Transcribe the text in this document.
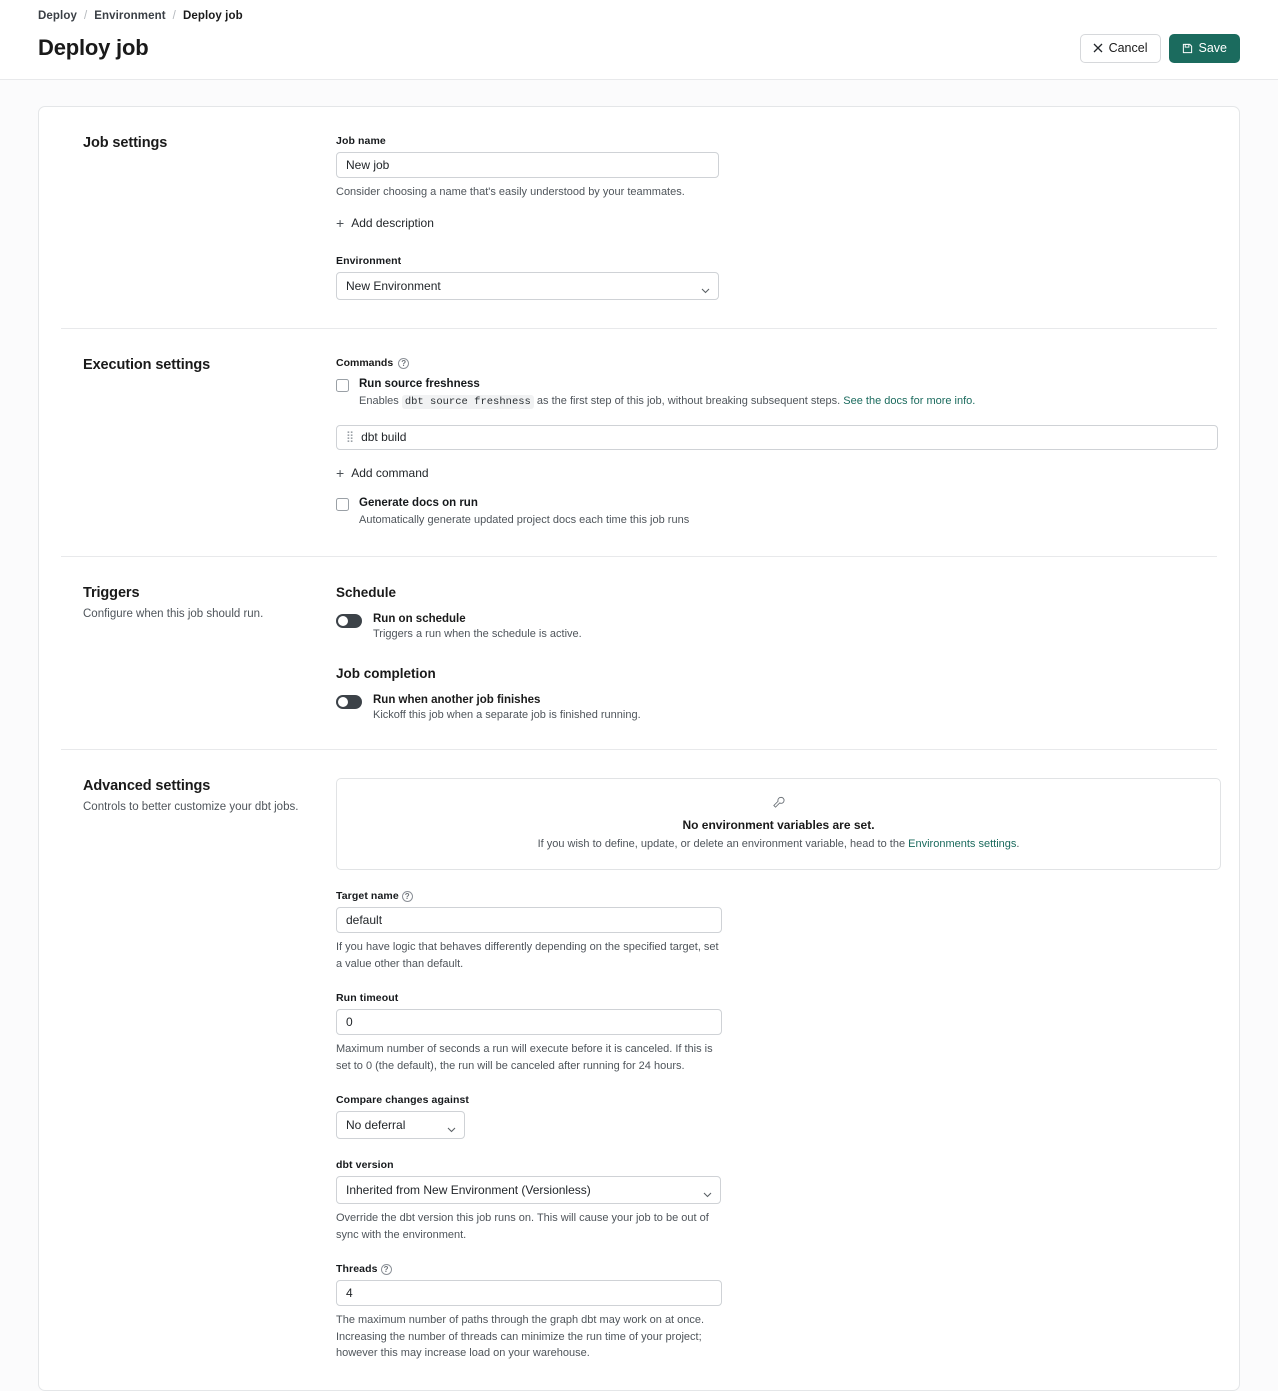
Deploy / Environment / Deploy job
Deploy job	Cancel	Save
Job settings	Job name
New job
Consider choosing a name that's easily understood by your teammates.
+ Add description
Environment
New Environment
Execution settings	Commands	?
Run source freshness
Enables dbt source freshness as the first step of this job, without breaking subsequent steps. See the docs for more info.
⣿ dbt build
+ Add command
Generate docs on run
Automatically generate updated project docs each time this job runs
Triggers

Configure when this job should run.

Schedule
Run on schedule
Triggers a run when the schedule is active.
Job completion
Run when another job finishes
Kickoff this job when a separate job is finished running.
Advanced settings

Controls to better customize your dbt jobs.

No environment variables are set.
If you wish to define, update, or delete an environment variable, head to the Environments settings.
Target name ?
default
If you have logic that behaves differently depending on the specified target, set a value other than default.
Run timeout
0
Maximum number of seconds a run will execute before it is canceled. If this is set to 0 (the default), the run will be canceled after running for 24 hours.
Compare changes against
No deferral
dbt version
Inherited from New Environment (Versionless)
Override the dbt version this job runs on. This will cause your job to be out of sync with the environment.
Threads ?
4
The maximum number of paths through the graph dbt may work on at once. Increasing the number of threads can minimize the run time of your project; however this may increase load on your warehouse.
